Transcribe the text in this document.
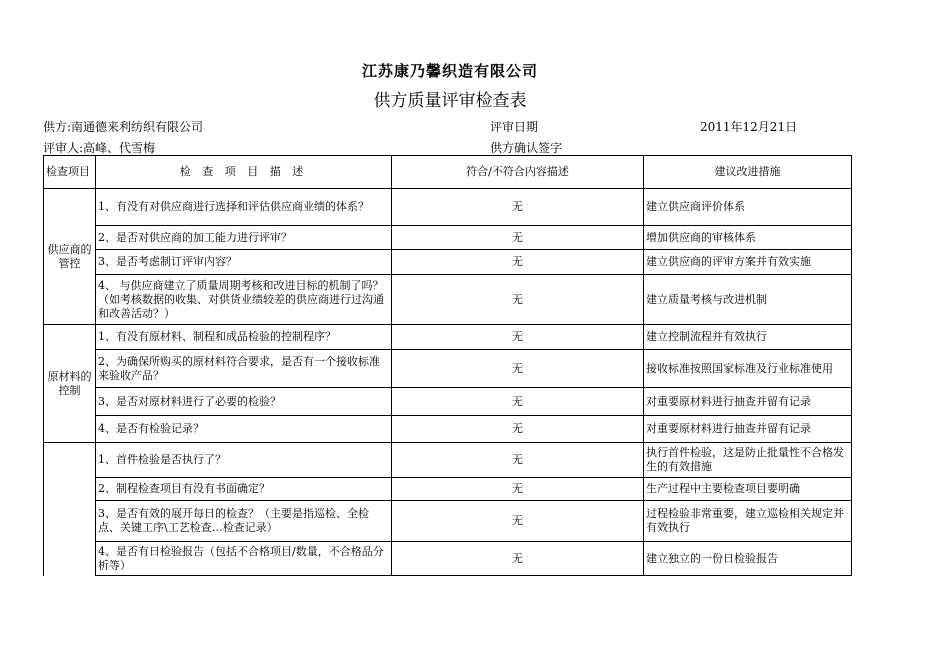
江苏康乃馨织造有限公司
供方质量评审检查表
供方:南通德来利纺织有限公司	评审日期	2011年12月21日
评审人:高峰、代雪梅	供方确认签字
检查项目	检 查 项 目 描 述	符合/不符合内容描述	建议改进措施
供应商的管控	1、有没有对供应商进行选择和评估供应商业绩的体系？	无	建立供应商评价体系
	2、是否对供应商的加工能力进行评审？	无	增加供应商的审核体系
	3、是否考虑制订评审内容？	无	建立供应商的评审方案并有效实施
	4、 与供应商建立了质量周期考核和改进目标的机制了吗？（如考核数据的收集、对供货业绩较差的供应商进行过沟通和改善活动？）	无	建立质量考核与改进机制
原材料的控制	1、有没有原材料、制程和成品检验的控制程序？	无	建立控制流程并有效执行
	2、为确保所购买的原材料符合要求，是否有一个接收标准来验收产品？	无	接收标准按照国家标准及行业标准使用
	3、是否对原材料进行了必要的检验？	无	对重要原材料进行抽查并留有记录
	4、是否有检验记录？	无	对重要原材料进行抽查并留有记录
	1、首件检验是否执行了？	无	执行首件检验，这是防止批量性不合格发生的有效措施
	2、制程检查项目有没有书面确定？	无	生产过程中主要检查项目要明确
	3、是否有效的展开每日的检查？（主要是指巡检、全检点、关键工序\工艺检查…检查记录）	无	过程检验非常重要，建立巡检相关规定并有效执行
	4、是否有日检验报告（包括不合格项目/数量，不合格品分析等）	无	建立独立的一份日检验报告
